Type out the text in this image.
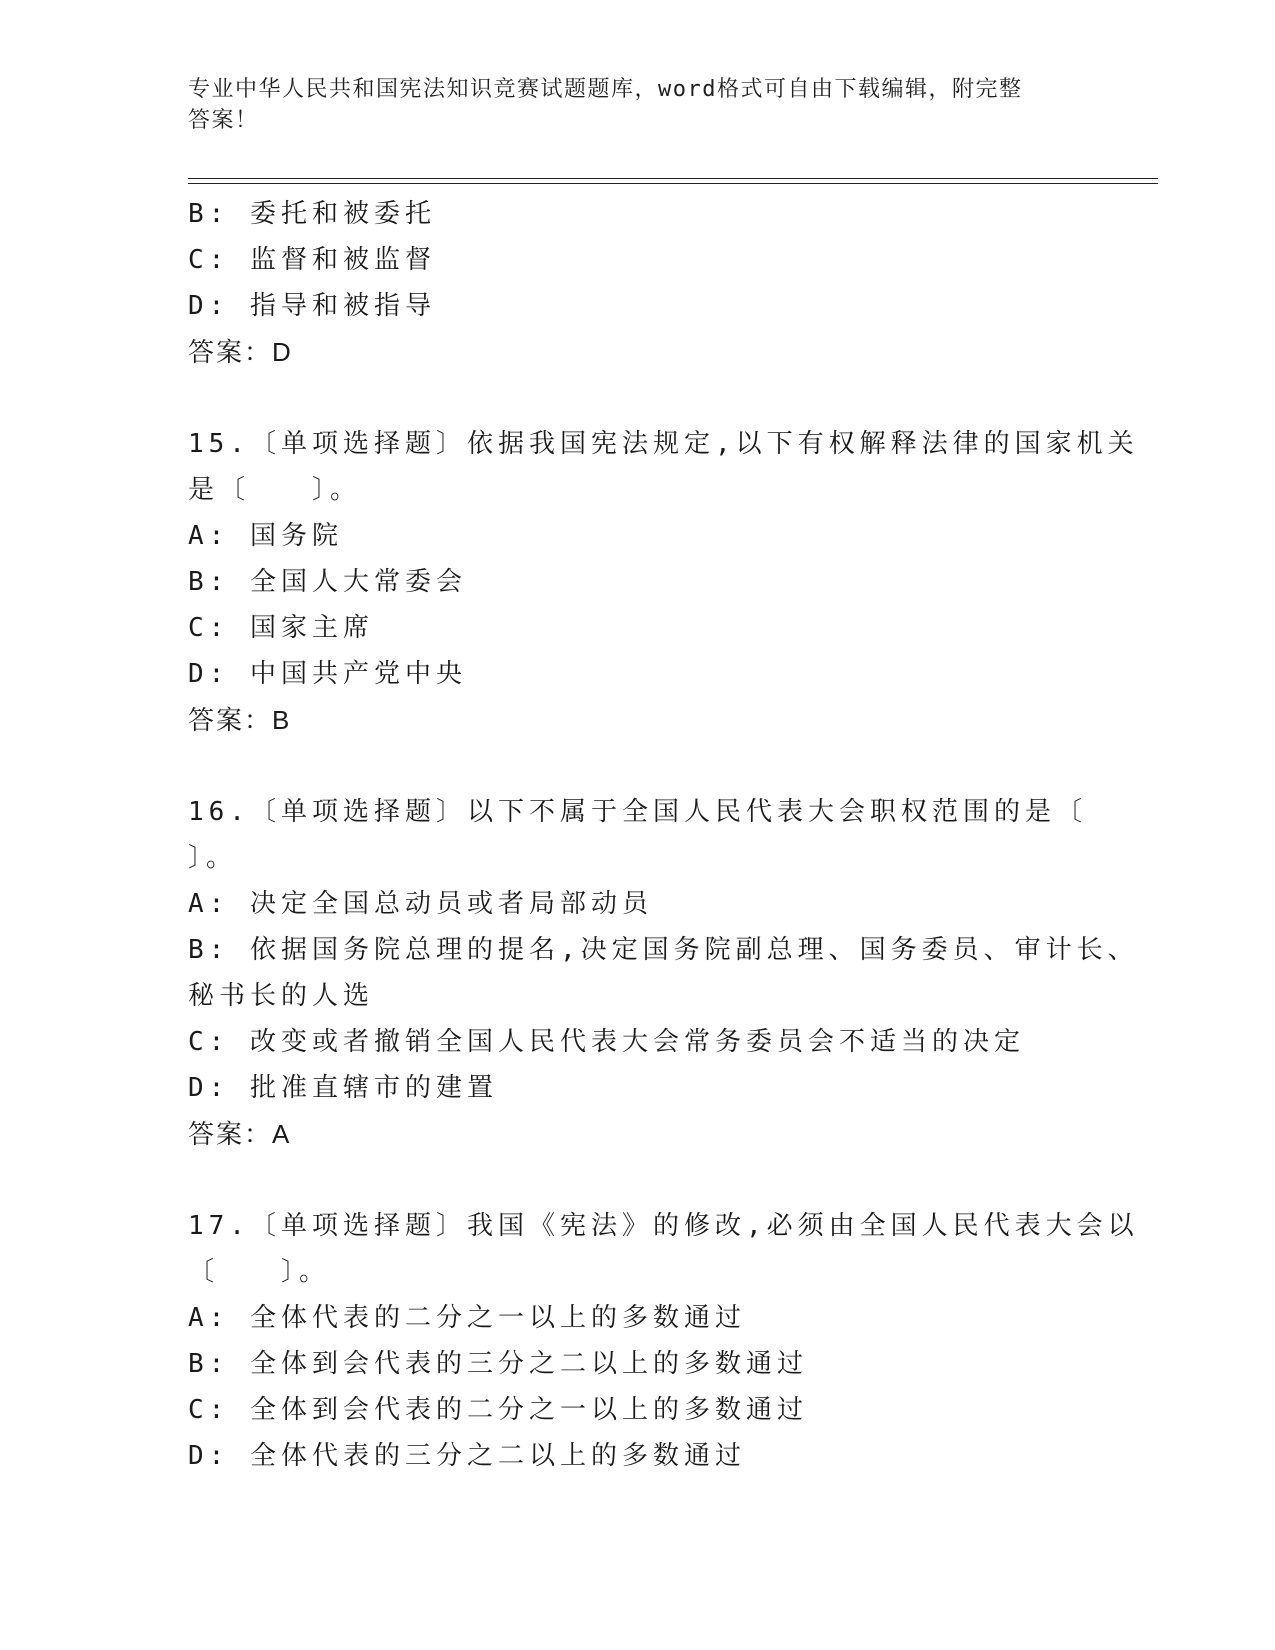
专业中华人民共和国宪法知识竞赛试题题库，word格式可自由下载编辑，附完整
答案！
B: 委托和被委托
C: 监督和被监督
D: 指导和被指导
答案：D
15.〔单项选择题〕依据我国宪法规定,以下有权解释法律的国家机关
是〔　　〕。
A: 国务院
B: 全国人大常委会
C: 国家主席
D: 中国共产党中央
答案：B
16.〔单项选择题〕以下不属于全国人民代表大会职权范围的是〔
〕。
A: 决定全国总动员或者局部动员
B: 依据国务院总理的提名,决定国务院副总理、国务委员、审计长、
秘书长的人选
C: 改变或者撤销全国人民代表大会常务委员会不适当的决定
D: 批准直辖市的建置
答案：A
17.〔单项选择题〕我国《宪法》的修改,必须由全国人民代表大会以
〔　　〕。
A: 全体代表的二分之一以上的多数通过
B: 全体到会代表的三分之二以上的多数通过
C: 全体到会代表的二分之一以上的多数通过
D: 全体代表的三分之二以上的多数通过
